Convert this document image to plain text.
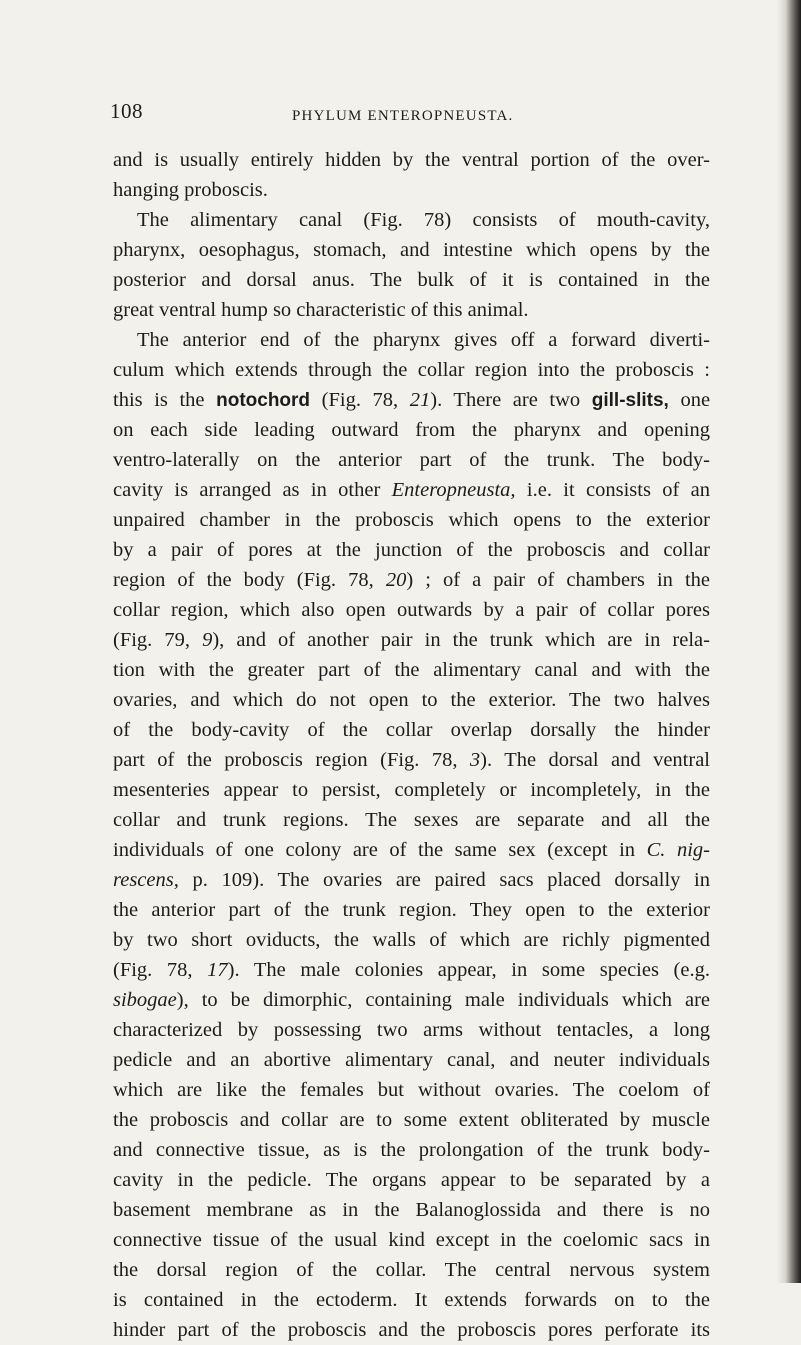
108	PHYLUM ENTEROPNEUSTA.
and is usually entirely hidden by the ventral portion of the over-
hanging proboscis.
The alimentary canal (Fig. 78) consists of mouth-cavity,
pharynx, oesophagus, stomach, and intestine which opens by the
posterior and dorsal anus. The bulk of it is contained in the
great ventral hump so characteristic of this animal.
The anterior end of the pharynx gives off a forward diverti-
culum which extends through the collar region into the proboscis :
this is the notochord (Fig. 78, 21). There are two gill-slits, one
on each side leading outward from the pharynx and opening
ventro-laterally on the anterior part of the trunk. The body-
cavity is arranged as in other Enteropneusta, i.e. it consists of an
unpaired chamber in the proboscis which opens to the exterior
by a pair of pores at the junction of the proboscis and collar
region of the body (Fig. 78, 20) ; of a pair of chambers in the
collar region, which also open outwards by a pair of collar pores
(Fig. 79, 9), and of another pair in the trunk which are in rela-
tion with the greater part of the alimentary canal and with the
ovaries, and which do not open to the exterior. The two halves
of the body-cavity of the collar overlap dorsally the hinder
part of the proboscis region (Fig. 78, 3). The dorsal and ventral
mesenteries appear to persist, completely or incompletely, in the
collar and trunk regions. The sexes are separate and all the
individuals of one colony are of the same sex (except in C. nig-
rescens, p. 109). The ovaries are paired sacs placed dorsally in
the anterior part of the trunk region. They open to the exterior
by two short oviducts, the walls of which are richly pigmented
(Fig. 78, 17). The male colonies appear, in some species (e.g.
sibogae), to be dimorphic, containing male individuals which are
characterized by possessing two arms without tentacles, a long
pedicle and an abortive alimentary canal, and neuter individuals
which are like the females but without ovaries. The coelom of
the proboscis and collar are to some extent obliterated by muscle
and connective tissue, as is the prolongation of the trunk body-
cavity in the pedicle. The organs appear to be separated by a
basement membrane as in the Balanoglossida and there is no
connective tissue of the usual kind except in the coelomic sacs in
the dorsal region of the collar. The central nervous system
is contained in the ectoderm. It extends forwards on to the
hinder part of the proboscis and the proboscis pores perforate its
